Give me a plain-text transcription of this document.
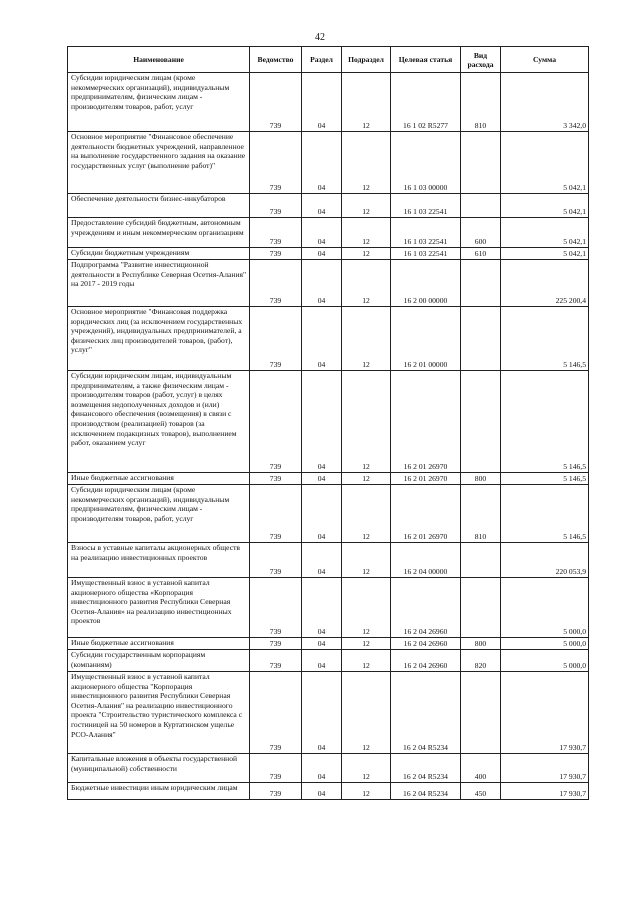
42
Наименование	Ведомство	Раздел	Подраздел	Целевая статья	Вид расхода	Сумма
Субсидии юридическим лицам (кроме некоммерческих организаций), индивидуальным предпринимателям, физическим лицам - производителям товаров, работ, услуг	739	04	12	16 1 02 R5277	810	3 342,0
Основное мероприятие "Финансовое обеспечение деятельности бюджетных учреждений, направленное на выполнение государственного задания на оказание государственных услуг (выполнение работ)"	739	04	12	16 1 03 00000		5 042,1
Обеспечение деятельности бизнес-инкубаторов	739	04	12	16 1 03 22541		5 042,1
Предоставление субсидий бюджетным, автономным учреждениям и иным некоммерческим организациям	739	04	12	16 1 03 22541	600	5 042,1
Субсидии бюджетным учреждениям	739	04	12	16 1 03 22541	610	5 042,1
Подпрограмма "Развитие инвестиционной деятельности в Республике Северная Осетия-Алания" на 2017 - 2019 годы	739	04	12	16 2 00 00000		225 200,4
Основное мероприятие "Финансовая поддержка юридических лиц (за исключением государственных учреждений), индивидуальных предпринимателей, а физических лиц производителей товаров, (работ), услуг"	739	04	12	16 2 01 00000		5 146,5
Субсидии юридическим лицам, индивидуальным предпринимателям, а также физическим лицам - производителям товаров (работ, услуг) в целях возмещения недополученных доходов и (или) финансового обеспечения (возмещения) в связи с производством (реализацией) товаров (за исключением подакцизных товаров), выполнением работ, оказанием услуг	739	04	12	16 2 01 26970		5 146,5
Иные бюджетные ассигнования	739	04	12	16 2 01 26970	800	5 146,5
Субсидии юридическим лицам (кроме некоммерческих организаций), индивидуальным предпринимателям, физическим лицам - производителям товаров, работ, услуг	739	04	12	16 2 01 26970	810	5 146,5
Взносы в уставные капиталы акционерных обществ на реализацию инвестиционных проектов	739	04	12	16 2 04 00000		220 053,9
Имущественный взнос в уставной капитал акционерного общества «Корпорация инвестиционного развития Республики Северная Осетия-Алания» на реализацию инвестиционных проектов	739	04	12	16 2 04 26960		5 000,0
Иные бюджетные ассигнования	739	04	12	16 2 04 26960	800	5 000,0
Субсидии государственным корпорациям (компаниям)	739	04	12	16 2 04 26960	820	5 000,0
Имущественный взнос в уставной капитал акционерного общества "Корпорация инвестиционного развития Республики Северная Осетия-Алания" на реализацию инвестиционного проекта "Строительство туристического комплекса с гостиницей на 50 номеров в Куртатинском ущелье РСО-Алания"	739	04	12	16 2 04 R5234		17 930,7
Капитальные вложения в объекты государственной (муниципальной) собственности	739	04	12	16 2 04 R5234	400	17 930,7
Бюджетные инвестиции иным юридическим лицам	739	04	12	16 2 04 R5234	450	17 930,7
